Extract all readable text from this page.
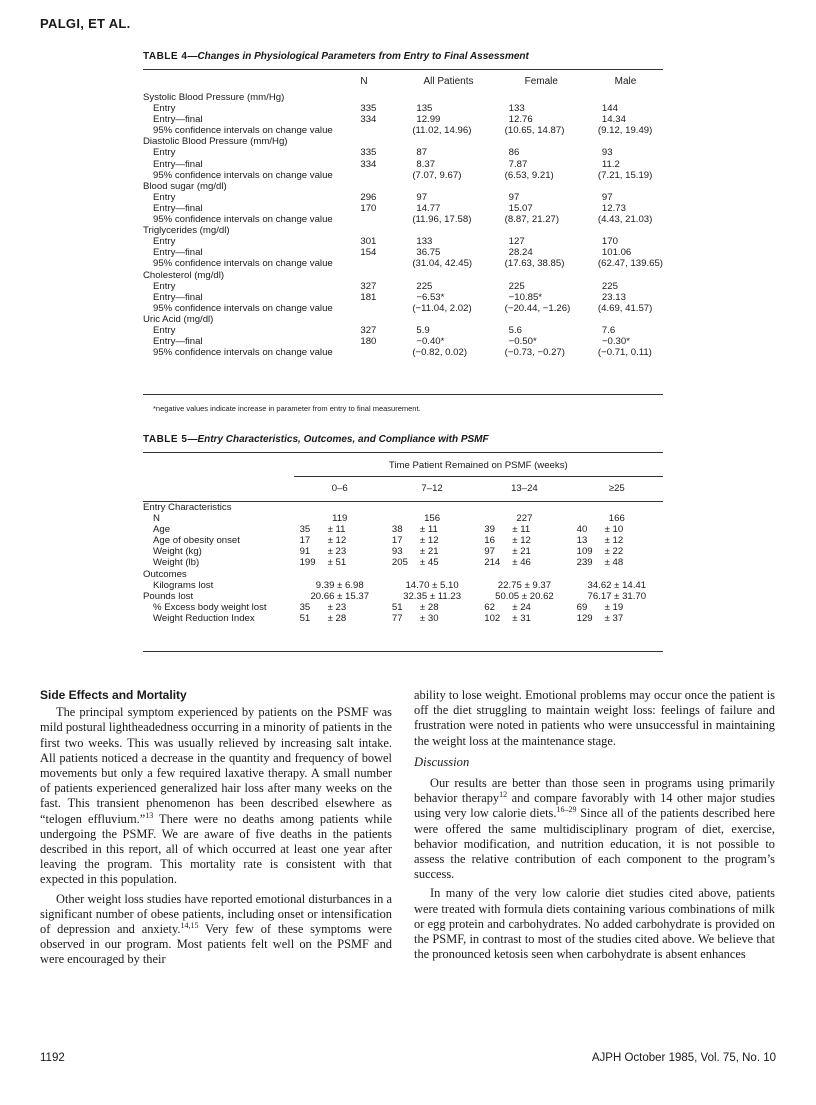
PALGI, ET AL.
TABLE 4—Changes in Physiological Parameters from Entry to Final Assessment
	N	All Patients	Female	Male
Systolic Blood Pressure (mm/Hg)				
Entry	335	135	133	144
Entry—final	334	12.99	12.76	14.34
95% confidence intervals on change value		(11.02, 14.96)	(10.65, 14.87)	(9.12, 19.49)
Diastolic Blood Pressure (mm/Hg)				
Entry	335	87	86	93
Entry—final	334	8.37	7.87	11.2
95% confidence intervals on change value		(7.07, 9.67)	(6.53, 9.21)	(7.21, 15.19)
Blood sugar (mg/dl)				
Entry	296	97	97	97
Entry—final	170	14.77	15.07	12.73
95% confidence intervals on change value		(11.96, 17.58)	(8.87, 21.27)	(4.43, 21.03)
Triglycerides (mg/dl)				
Entry	301	133	127	170
Entry—final	154	36.75	28.24	101.06
95% confidence intervals on change value		(31.04, 42.45)	(17.63, 38.85)	(62.47, 139.65)
Cholesterol (mg/dl)				
Entry	327	225	225	225
Entry—final	181	−6.53*	−10.85*	23.13
95% confidence intervals on change value		(−11.04, 2.02)	(−20.44, −1.26)	(4.69, 41.57)
Uric Acid (mg/dl)				
Entry	327	5.9	5.6	7.6
Entry—final	180	−0.40*	−0.50*	−0.30*
95% confidence intervals on change value		(−0.82, 0.02)	(−0.73, −0.27)	(−0.71, 0.11)
*negative values indicate increase in parameter from entry to final measurement.
TABLE 5—Entry Characteristics, Outcomes, and Compliance with PSMF
	Time Patient Remained on PSMF (weeks)			
	0–6	7–12	13–24	≥25
Entry Characteristics				
N	119	156	227	166
Age	35 ± 11	38 ± 11	39 ± 11	40 ± 10
Age of obesity onset	17 ± 12	17 ± 12	16 ± 12	13 ± 12
Weight (kg)	91 ± 23	93 ± 21	97 ± 21	109 ± 22
Weight (lb)	199 ± 51	205 ± 45	214 ± 46	239 ± 48
Outcomes				
Kilograms lost	9.39 ± 6.98	14.70 ± 5.10	22.75 ± 9.37	34.62 ± 14.41
Pounds lost	20.66 ± 15.37	32.35 ± 11.23	50.05 ± 20.62	76.17 ± 31.70
% Excess body weight lost	35 ± 23	51 ± 28	62 ± 24	69 ± 19
Weight Reduction Index	51 ± 28	77 ± 30	102 ± 31	129 ± 37

Side Effects and Mortality

The principal symptom experienced by patients on the PSMF was mild postural lightheadedness occurring in a minority of patients in the first two weeks. This was usually relieved by increasing salt intake. All patients noticed a decrease in the quantity and frequency of bowel movements but only a few required laxative therapy. A small number of patients experienced generalized hair loss after many weeks on the fast. This transient phenomenon has been described elsewhere as “telogen effluvium.”$^{13}$ There were no deaths among patients while undergoing the PSMF. We are aware of five deaths in the patients described in this report, all of which occurred at least one year after leaving the program. This mortality rate is consistent with that expected in this population.

Other weight loss studies have reported emotional disturbances in a significant number of obese patients, including onset or intensification of depression and anxiety.$^{14,15}$ Very few of these symptoms were observed in our program. Most patients felt well on the PSMF and were encouraged by their

ability to lose weight. Emotional problems may occur once the patient is off the diet struggling to maintain weight loss: feelings of failure and frustration were noted in patients who were unsuccessful in maintaining the weight loss at the maintenance stage.

Discussion

Our results are better than those seen in programs using primarily behavior therapy$^{12}$ and compare favorably with 14 other major studies using very low calorie diets.$^{16-29}$ Since all of the patients described here were offered the same multidisciplinary program of diet, exercise, behavior modification, and nutrition education, it is not possible to assess the relative contribution of each component to the program’s success.

In many of the very low calorie diet studies cited above, patients were treated with formula diets containing various combinations of milk or egg protein and carbohydrates. No added carbohydrate is provided on the PSMF, in contrast to most of the studies cited above. We believe that the pronounced ketosis seen when carbohydrate is absent enhances

1192	AJPH October 1985, Vol. 75, No. 10
